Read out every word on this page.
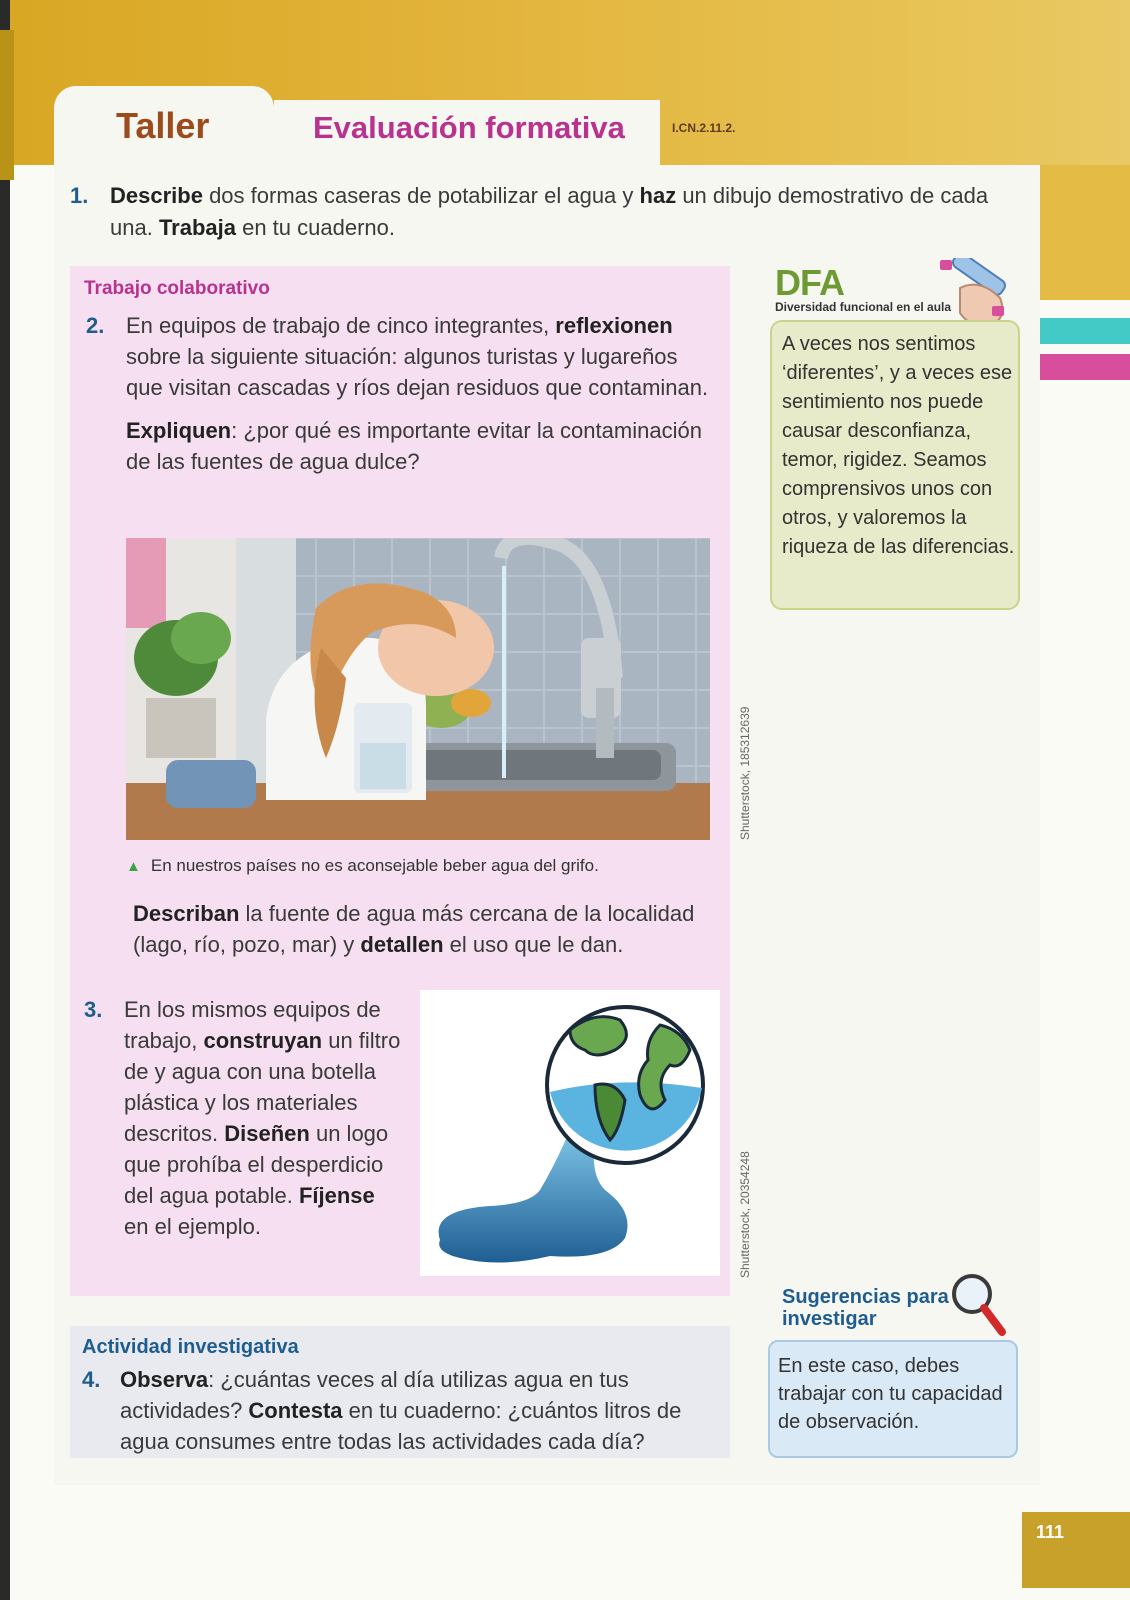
Taller	Evaluación formativa	I.CN.2.11.2.
1. Describe dos formas caseras de potabilizar el agua y haz un dibujo demostrativo de cada una. Trabaja en tu cuaderno.
Trabajo colaborativo
2. En equipos de trabajo de cinco integrantes, reflexionen sobre la siguiente situación: algunos turistas y lugareños que visitan cascadas y ríos dejan residuos que contaminan.

Expliquen: ¿por qué es importante evitar la contaminación de las fuentes de agua dulce?

Shutterstock, 185312639
▲ En nuestros países no es aconsejable beber agua del grifo.
Describan la fuente de agua más cercana de la localidad (lago, río, pozo, mar) y detallen el uso que le dan.
3. En los mismos equipos de trabajo, construyan un filtro de y agua con una botella plástica y los materiales descritos. Diseñen un logo que prohíba el desperdicio del agua potable. Fíjense en el ejemplo.	Shutterstock, 20354248
DFA
Diversidad funcional en el aula
A veces nos sentimos ‘diferentes’, y a veces ese sentimiento nos puede causar desconfianza, temor, rigidez. Seamos comprensivos unos con otros, y valoremos la riqueza de las diferencias.
Actividad investigativa
4. Observa: ¿cuántas veces al día utilizas agua en tus actividades? Contesta en tu cuaderno: ¿cuántos litros de agua consumes entre todas las actividades cada día?

Sugerencias para investigar
En este caso, debes trabajar con tu capacidad de observación.
111
